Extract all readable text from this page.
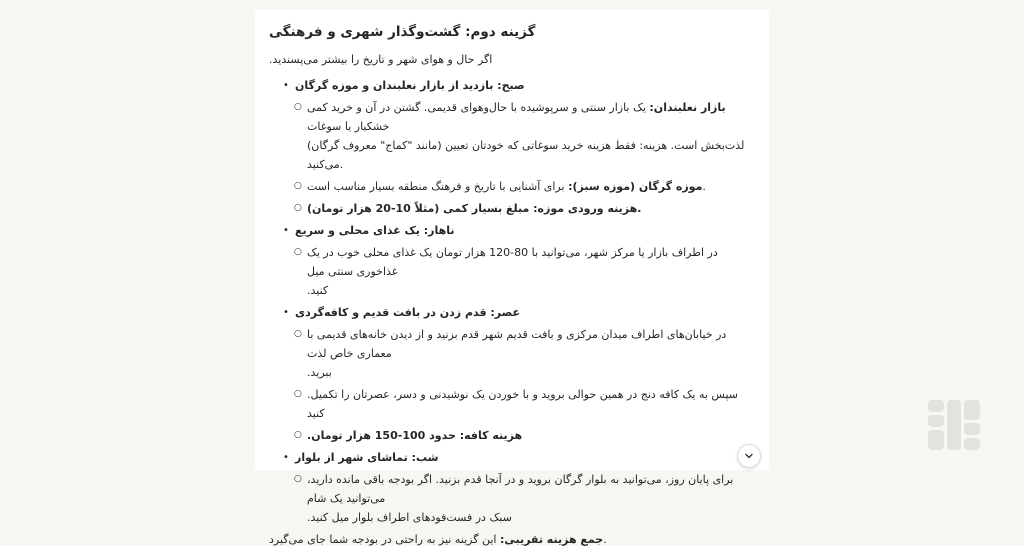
گزینه دوم: گشت‌وگذار شهری و فرهنگی

.اگر حال و هوای شهر و تاریخ را بیشتر می‌پسندید

• صبح: بازدید از بازار نعلبندان و موزه گرگان
○	بازار نعلبندان: یک بازار سنتی و سرپوشیده با حال‌وهوای قدیمی. گشتن در آن و خرید کمی خشکبار یا سوغات
(مانند "کماج" معروف گرگان) لذت‌بخش است. هزینه: فقط هزینه خرید سوغاتی که خودتان تعیین می‌کنید.
○	موزه گرگان (موزه سبز): برای آشنایی با تاریخ و فرهنگ منطقه بسیار مناسب است.
○ هزینه ورودی موزه: مبلغ بسیار کمی (مثلاً 10-20 هزار تومان).
• ناهار: یک غذای محلی و سریع
○ در اطراف بازار یا مرکز شهر، می‌توانید با 80-120 هزار تومان یک غذای محلی خوب در یک غذاخوری سنتی میل
.کنید
• عصر: قدم زدن در بافت قدیم و کافه‌گردی
○ در خیابان‌های اطراف میدان مرکزی و بافت قدیم شهر قدم بزنید و از دیدن خانه‌های قدیمی با معماری خاص لذت
.ببرید
○ .سپس به یک کافه دنج در همین حوالی بروید و با خوردن یک نوشیدنی و دسر، عصرتان را تکمیل کنید
○ .هزینه کافه: حدود 100-150 هزار تومان
• شب: تماشای شهر از بلوار
○ برای پایان روز، می‌توانید به بلوار گرگان بروید و در آنجا قدم بزنید. اگر بودجه باقی مانده دارید، می‌توانید یک شام
.سبک در فست‌فودهای اطراف بلوار میل کنید
جمع هزینه تقریبی: این گزینه نیز به راحتی در بودجه شما جای می‌گیرد.
